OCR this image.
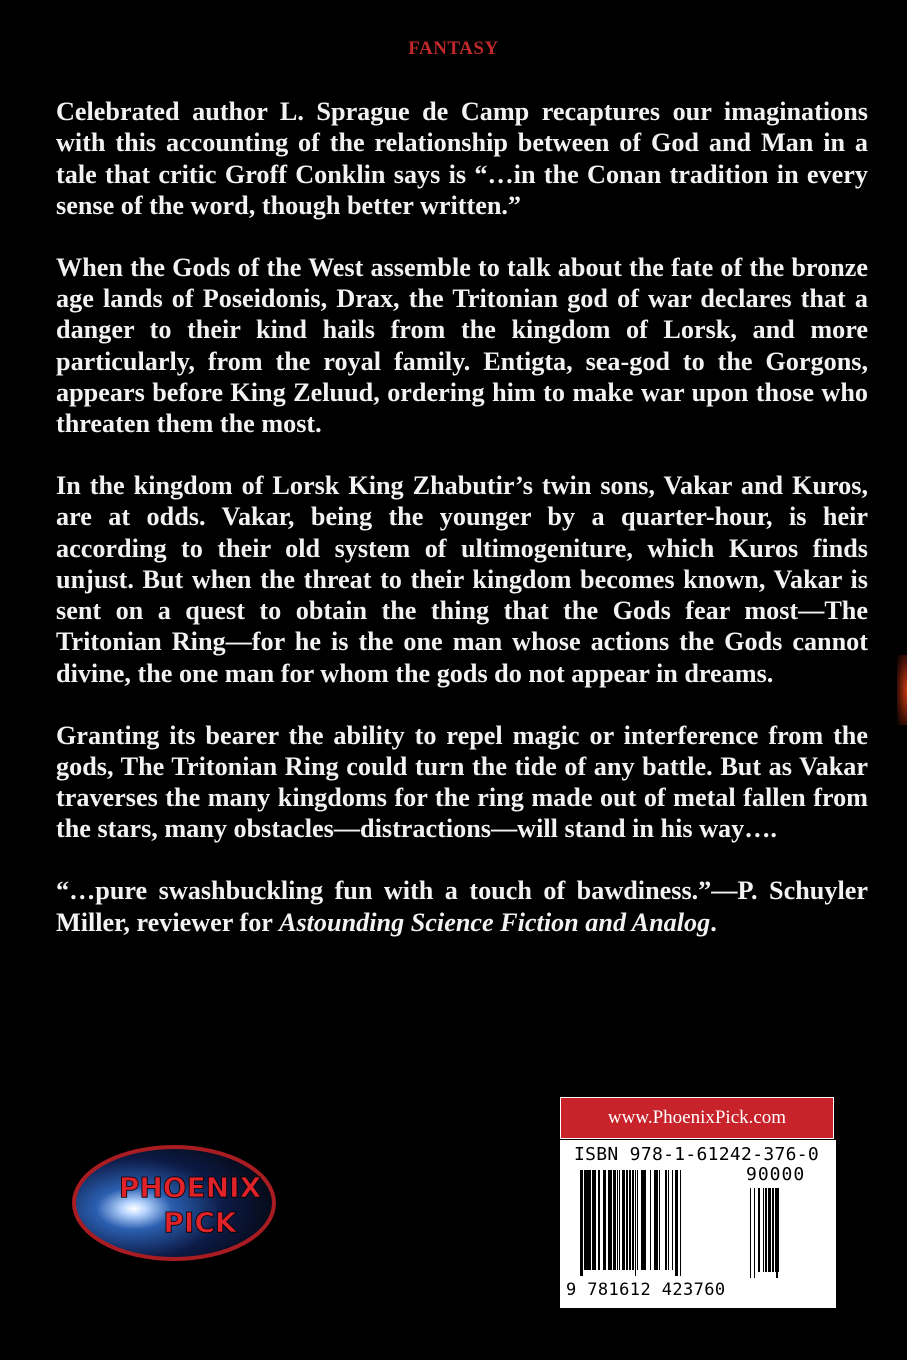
FANTASY

Celebrated author L. Sprague de Camp recaptures our imaginations with this accounting of the relationship between of God and Man in a tale that critic Groff Conklin says is “…in the Conan tradition in every sense of the word, though better written.”

When the Gods of the West assemble to talk about the fate of the bronze age lands of Poseidonis, Drax, the Tritonian god of war declares that a danger to their kind hails from the kingdom of Lorsk, and more particularly, from the royal family. Entigta, sea-god to the Gorgons, appears before King Zeluud, ordering him to make war upon those who threaten them the most.

In the kingdom of Lorsk King Zhabutir’s twin sons, Vakar and Kuros, are at odds. Vakar, being the younger by a quarter-hour, is heir according to their old system of ultimogeniture, which Kuros finds unjust. But when the threat to their kingdom becomes known, Vakar is sent on a quest to obtain the thing that the Gods fear most—The Tritonian Ring—for he is the one man whose actions the Gods cannot divine, the one man for whom the gods do not appear in dreams.

Granting its bearer the ability to repel magic or interference from the gods, The Tritonian Ring could turn the tide of any battle. But as Vakar traverses the many kingdoms for the ring made out of metal fallen from the stars, many obstacles—distractions—will stand in his way….

“…pure swashbuckling fun with a touch of bawdiness.”—P. Schuyler Miller, reviewer for Astounding Science Fiction and Analog.

www.PhoenixPick.com
ISBN 978-1-61242-376-0
90000
9 781612 423760
PHOENIX
PICK
